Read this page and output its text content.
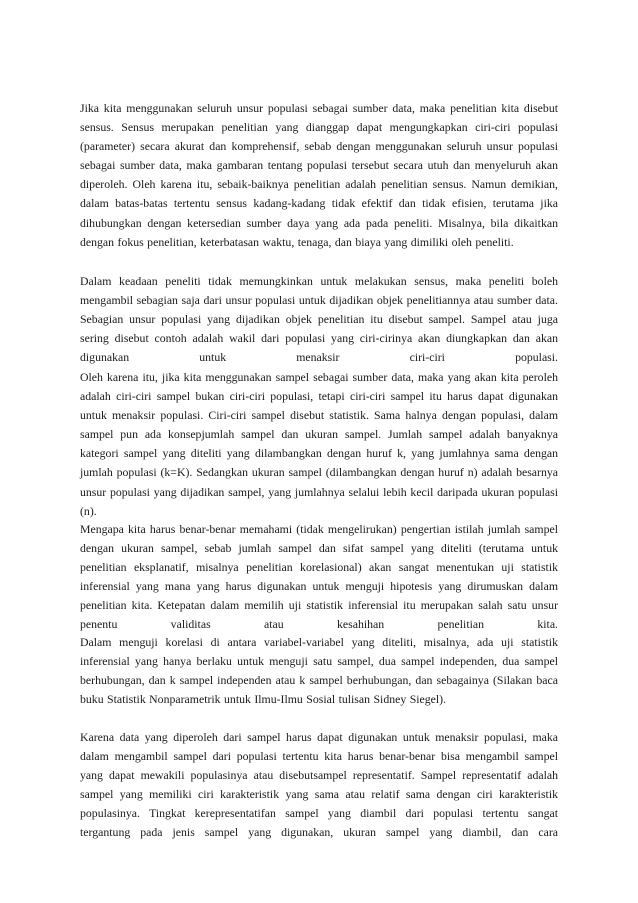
Jika kita menggunakan seluruh unsur populasi sebagai sumber data, maka penelitian kita disebut sensus. Sensus merupakan penelitian yang dianggap dapat mengungkapkan ciri-ciri populasi (parameter) secara akurat dan komprehensif, sebab dengan menggunakan seluruh unsur populasi sebagai sumber data, maka gambaran tentang populasi tersebut secara utuh dan menyeluruh akan diperoleh. Oleh karena itu, sebaik-baiknya penelitian adalah penelitian sensus. Namun demikian, dalam batas-batas tertentu sensus kadang-kadang tidak efektif dan tidak efisien, terutama jika dihubungkan dengan ketersedian sumber daya yang ada pada peneliti. Misalnya, bila dikaitkan dengan fokus penelitian, keterbatasan waktu, tenaga, dan biaya yang dimiliki oleh peneliti.

Dalam keadaan peneliti tidak memungkinkan untuk melakukan sensus, maka peneliti boleh mengambil sebagian saja dari unsur populasi untuk dijadikan objek penelitiannya atau sumber data. Sebagian unsur populasi yang dijadikan objek penelitian itu disebut sampel. Sampel atau juga sering disebut contoh adalah wakil dari populasi yang ciri-cirinya akan diungkapkan dan akan digunakan untuk menaksir ciri-ciri populasi.

Oleh karena itu, jika kita menggunakan sampel sebagai sumber data, maka yang akan kita peroleh adalah ciri-ciri sampel bukan ciri-ciri populasi, tetapi ciri-ciri sampel itu harus dapat digunakan untuk menaksir populasi. Ciri-ciri sampel disebut statistik. Sama halnya dengan populasi, dalam sampel pun ada konsepjumlah sampel dan ukuran sampel. Jumlah sampel adalah banyaknya kategori sampel yang diteliti yang dilambangkan dengan huruf k, yang jumlahnya sama dengan jumlah populasi (k=K). Sedangkan ukuran sampel (dilambangkan dengan huruf n) adalah besarnya unsur populasi yang dijadikan sampel, yang jumlahnya selalui lebih kecil daripada ukuran populasi (n).

Mengapa kita harus benar-benar memahami (tidak mengelirukan) pengertian istilah jumlah sampel dengan ukuran sampel, sebab jumlah sampel dan sifat sampel yang diteliti (terutama untuk penelitian eksplanatif, misalnya penelitian korelasional) akan sangat menentukan uji statistik inferensial yang mana yang harus digunakan untuk menguji hipotesis yang dirumuskan dalam penelitian kita. Ketepatan dalam memilih uji statistik inferensial itu merupakan salah satu unsur penentu validitas atau kesahihan penelitian kita.

Dalam menguji korelasi di antara variabel-variabel yang diteliti, misalnya, ada uji statistik inferensial yang hanya berlaku untuk menguji satu sampel, dua sampel independen, dua sampel berhubungan, dan k sampel independen atau k sampel berhubungan, dan sebagainya (Silakan baca buku Statistik Nonparametrik untuk Ilmu-Ilmu Sosial tulisan Sidney Siegel).

Karena data yang diperoleh dari sampel harus dapat digunakan untuk menaksir populasi, maka dalam mengambil sampel dari populasi tertentu kita harus benar-benar bisa mengambil sampel yang dapat mewakili populasinya atau disebutsampel representatif. Sampel representatif adalah sampel yang memiliki ciri karakteristik yang sama atau relatif sama dengan ciri karakteristik populasinya. Tingkat kerepresentatifan sampel yang diambil dari populasi tertentu sangat tergantung pada jenis sampel yang digunakan, ukuran sampel yang diambil, dan cara
